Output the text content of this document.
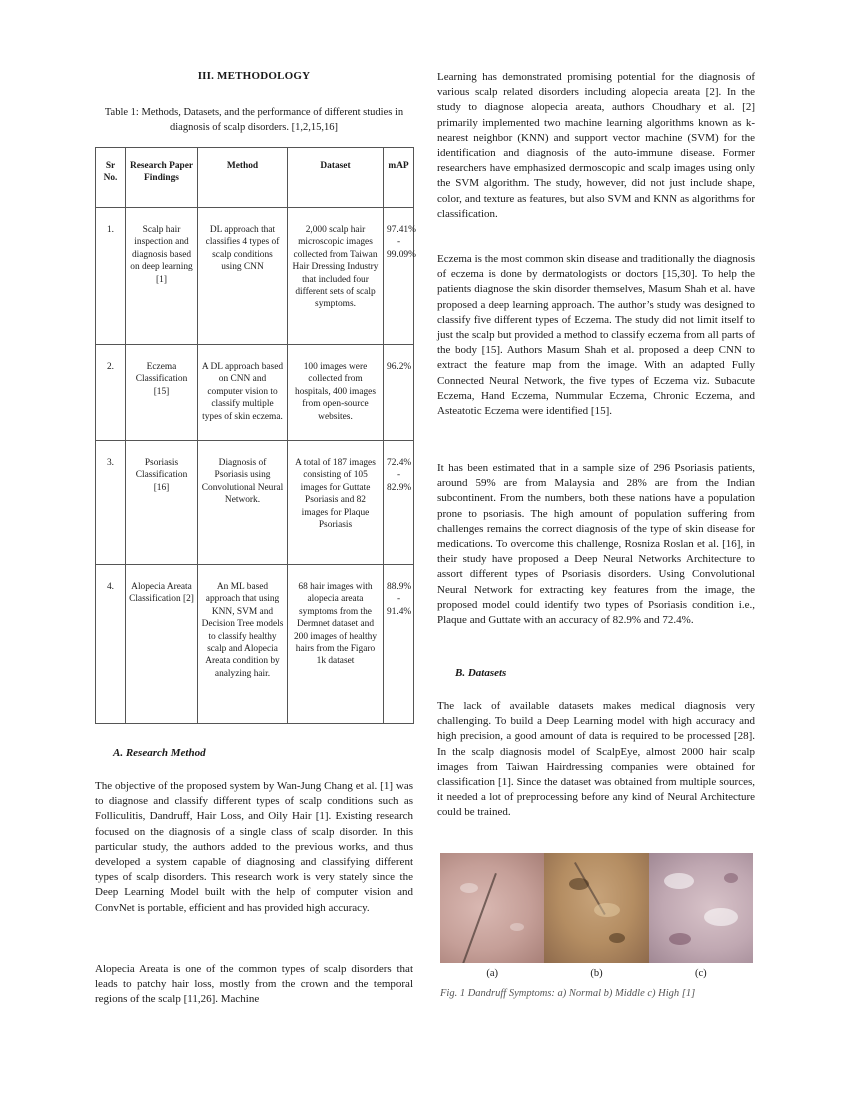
III. METHODOLOGY
Table 1: Methods, Datasets, and the performance of different studies in diagnosis of scalp disorders. [1,2,15,16]
Sr No.	Research Paper Findings	Method	Dataset	mAP
1.	Scalp hair inspection and diagnosis based on deep learning [1]	DL approach that classifies 4 types of scalp conditions using CNN	2,000 scalp hair microscopic images collected from Taiwan Hair Dressing Industry that included four different sets of scalp symptoms.	97.41%
-
99.09%

2.	Eczema Classification [15]	A DL approach based on CNN and computer vision to classify multiple types of skin eczema.	100 images were collected from hospitals, 400 images from open-source websites.	96.2%

3.	Psoriasis Classification [16]	Diagnosis of Psoriasis using Convolutional Neural Network.	A total of 187 images consisting of 105 images for Guttate Psoriasis and 82 images for Plaque Psoriasis	72.4%
-
82.9%

4.	Alopecia Areata Classification [2]	An ML based approach that using KNN, SVM and Decision Tree models to classify healthy scalp and Alopecia Areata condition by analyzing hair.	68 hair images with alopecia areata symptoms from the Dermnet dataset and 200 images of healthy hairs from the Figaro 1k dataset	88.9%
-
91.4%
A. Research Method
The objective of the proposed system by Wan-Jung Chang et al. [1] was to diagnose and classify different types of scalp conditions such as Folliculitis, Dandruff, Hair Loss, and Oily Hair [1]. Existing research focused on the diagnosis of a single class of scalp disorder. In this particular study, the authors added to the previous works, and thus developed a system capable of diagnosing and classifying different types of scalp disorders. This research work is very stately since the Deep Learning Model built with the help of computer vision and ConvNet is portable, efficient and has provided high accuracy.
Alopecia Areata is one of the common types of scalp disorders that leads to patchy hair loss, mostly from the crown and the temporal regions of the scalp [11,26]. Machine
Learning has demonstrated promising potential for the diagnosis of various scalp related disorders including alopecia areata [2]. In the study to diagnose alopecia areata, authors Choudhary et al. [2] primarily implemented two machine learning algorithms known as k-nearest neighbor (KNN) and support vector machine (SVM) for the identification and diagnosis of the auto-immune disease. Former researchers have emphasized dermoscopic and scalp images using only the SVM algorithm. The study, however, did not just include shape, color, and texture as features, but also SVM and KNN as algorithms for classification.
Eczema is the most common skin disease and traditionally the diagnosis of eczema is done by dermatologists or doctors [15,30]. To help the patients diagnose the skin disorder themselves, Masum Shah et al. have proposed a deep learning approach. The author’s study was designed to classify five different types of Eczema. The study did not limit itself to just the scalp but provided a method to classify eczema from all parts of the body [15]. Authors Masum Shah et al. proposed a deep CNN to extract the feature map from the image. With an adapted Fully Connected Neural Network, the five types of Eczema viz. Subacute Eczema, Hand Eczema, Nummular Eczema, Chronic Eczema, and Asteatotic Eczema were identified [15].
It has been estimated that in a sample size of 296 Psoriasis patients, around 59% are from Malaysia and 28% are from the Indian subcontinent. From the numbers, both these nations have a population prone to psoriasis. The high amount of population suffering from challenges remains the correct diagnosis of the type of skin disease for medications. To overcome this challenge, Rosniza Roslan et al. [16], in their study have proposed a Deep Neural Networks Architecture to assort different types of Psoriasis disorders. Using Convolutional Neural Network for extracting key features from the image, the proposed model could identify two types of Psoriasis condition i.e., Plaque and Guttate with an accuracy of 82.9% and 72.4%.
B. Datasets
The lack of available datasets makes medical diagnosis very challenging. To build a Deep Learning model with high accuracy and high precision, a good amount of data is required to be processed [28]. In the scalp diagnosis model of ScalpEye, almost 2000 hair scalp images from Taiwan Hairdressing companies were obtained for classification [1]. Since the dataset was obtained from multiple sources, it needed a lot of preprocessing before any kind of Neural Architecture could be trained.
(a)	(b)	(c)
Fig. 1 Dandruff Symptoms: a) Normal b) Middle c) High [1]
